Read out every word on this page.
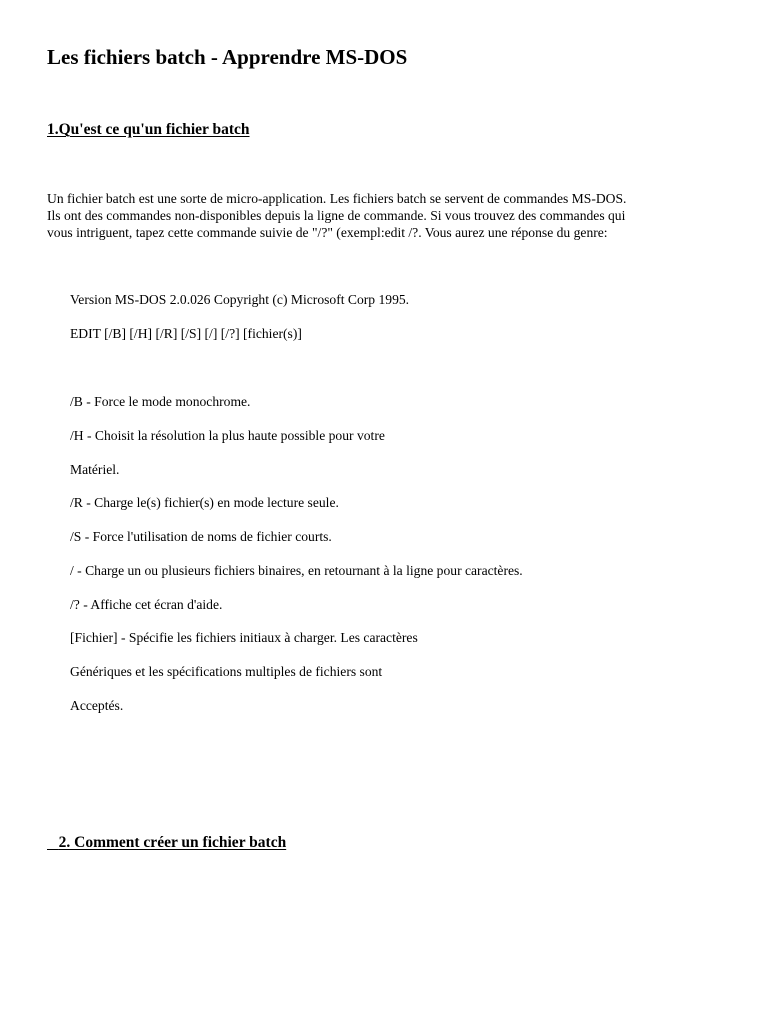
Les fichiers batch - Apprendre MS-DOS
1.Qu'est ce qu'un fichier batch

Un fichier batch est une sorte de micro-application. Les fichiers batch se servent de commandes MS-DOS.
Ils ont des commandes non-disponibles depuis la ligne de commande. Si vous trouvez des commandes qui
vous intriguent, tapez cette commande suivie de "/?" (exempl:edit /?. Vous aurez une réponse du genre:

Version MS-DOS 2.0.026 Copyright (c) Microsoft Corp 1995.

EDIT [/B] [/H] [/R] [/S] [/] [/?] [fichier(s)]

/B - Force le mode monochrome.

/H - Choisit la résolution la plus haute possible pour votre

Matériel.

/R - Charge le(s) fichier(s) en mode lecture seule.

/S - Force l'utilisation de noms de fichier courts.

/ - Charge un ou plusieurs fichiers binaires, en retournant à la ligne pour caractères.

/? - Affiche cet écran d'aide.

[Fichier] - Spécifie les fichiers initiaux à charger. Les caractères

Génériques et les spécifications multiples de fichiers sont

Acceptés.

2. Comment créer un fichier batch
